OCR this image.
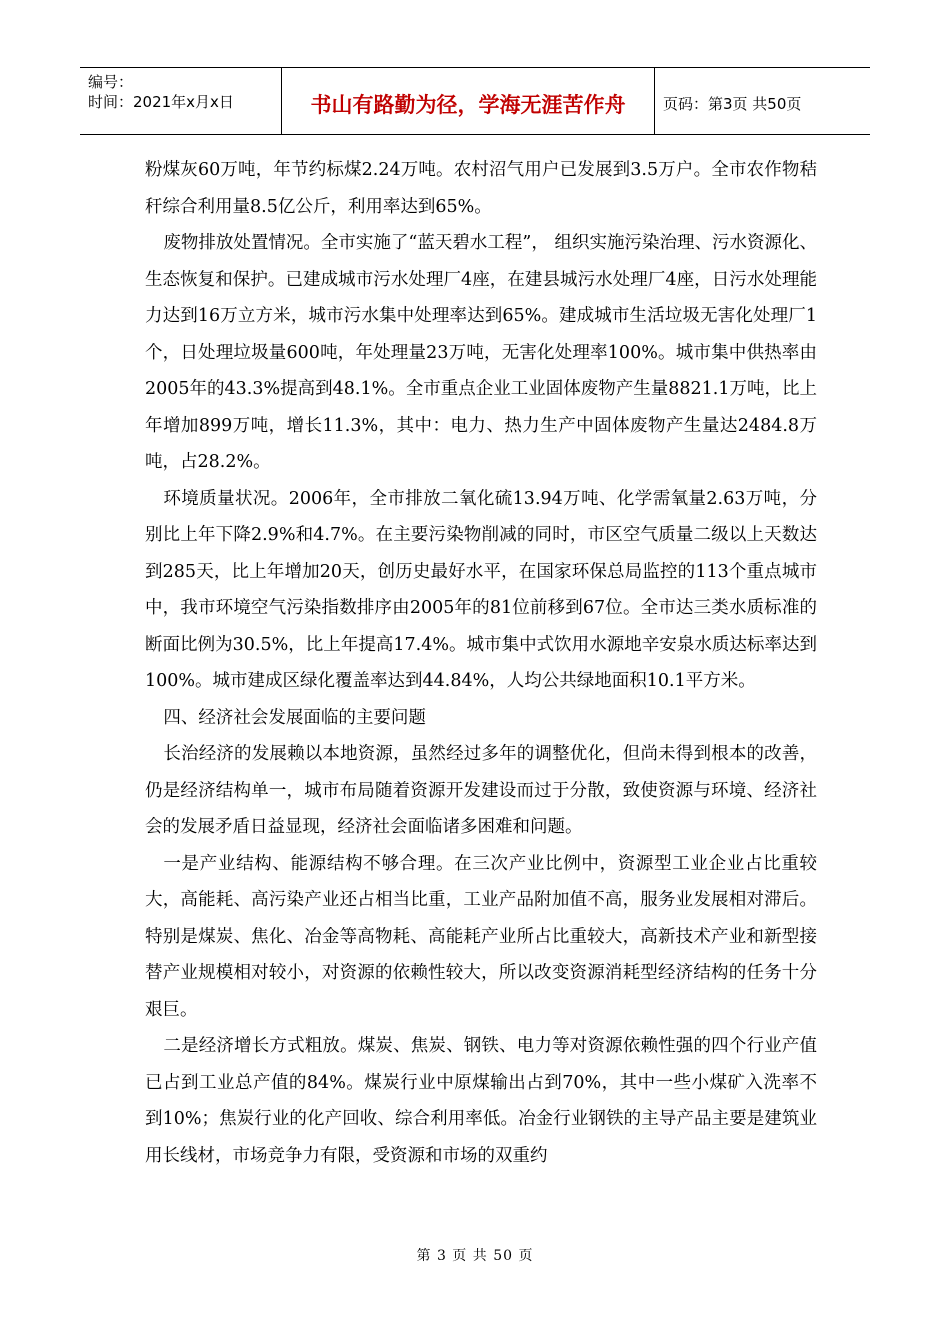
编号：
时间：2021年x月x日	书山有路勤为径，学海无涯苦作舟	页码：第3页 共50页

粉煤灰60万吨，年节约标煤2.24万吨。农村沼气用户已发展到3.5万户。全市农作物秸秆综合利用量8.5亿公斤，利用率达到65%。

废物排放处置情况。全市实施了“蓝天碧水工程”， 组织实施污染治理、污水资源化、生态恢复和保护。已建成城市污水处理厂4座，在建县城污水处理厂4座，日污水处理能力达到16万立方米，城市污水集中处理率达到65%。建成城市生活垃圾无害化处理厂1个，日处理垃圾量600吨，年处理量23万吨，无害化处理率100%。城市集中供热率由2005年的43.3%提高到48.1%。全市重点企业工业固体废物产生量8821.1万吨，比上年增加899万吨，增长11.3%，其中：电力、热力生产中固体废物产生量达2484.8万吨，占28.2%。

环境质量状况。2006年，全市排放二氧化硫13.94万吨、化学需氧量2.63万吨，分别比上年下降2.9%和4.7%。在主要污染物削减的同时，市区空气质量二级以上天数达到285天，比上年增加20天，创历史最好水平，在国家环保总局监控的113个重点城市中，我市环境空气污染指数排序由2005年的81位前移到67位。全市达三类水质标准的断面比例为30.5%，比上年提高17.4%。城市集中式饮用水源地辛安泉水质达标率达到100%。城市建成区绿化覆盖率达到44.84%，人均公共绿地面积10.1平方米。

四、经济社会发展面临的主要问题

长治经济的发展赖以本地资源，虽然经过多年的调整优化，但尚未得到根本的改善，仍是经济结构单一，城市布局随着资源开发建设而过于分散，致使资源与环境、经济社会的发展矛盾日益显现，经济社会面临诸多困难和问题。

一是产业结构、能源结构不够合理。在三次产业比例中，资源型工业企业占比重较大，高能耗、高污染产业还占相当比重，工业产品附加值不高，服务业发展相对滞后。特别是煤炭、焦化、冶金等高物耗、高能耗产业所占比重较大，高新技术产业和新型接替产业规模相对较小，对资源的依赖性较大，所以改变资源消耗型经济结构的任务十分艰巨。

二是经济增长方式粗放。煤炭、焦炭、钢铁、电力等对资源依赖性强的四个行业产值已占到工业总产值的84%。煤炭行业中原煤输出占到70%，其中一些小煤矿入洗率不到10%；焦炭行业的化产回收、综合利用率低。冶金行业钢铁的主导产品主要是建筑业用长线材，市场竞争力有限，受资源和市场的双重约

第 3 页 共 50 页
